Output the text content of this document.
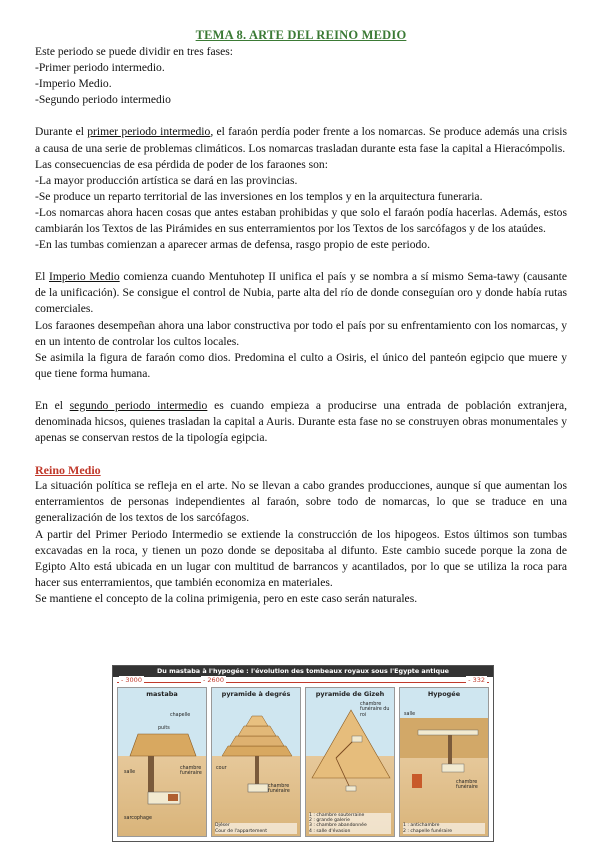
TEMA 8. ARTE DEL REINO MEDIO

Este periodo se puede dividir en tres fases:

-Primer periodo intermedio.

-Imperio Medio.

-Segundo periodo intermedio

Durante el primer periodo intermedio, el faraón perdía poder frente a los nomarcas. Se produce además una crisis a causa de una serie de problemas climáticos. Los nomarcas trasladan durante esta fase la capital a Hieracómpolis.

Las consecuencias de esa pérdida de poder de los faraones son:

-La mayor producción artística se dará en las provincias.

-Se produce un reparto territorial de las inversiones en los templos y en la arquitectura funeraria.

-Los nomarcas ahora hacen cosas que antes estaban prohibidas y que solo el faraón podía hacerlas. Además, estos cambiarán los Textos de las Pirámides en sus enterramientos por los Textos de los sarcófagos y de los ataúdes.

-En las tumbas comienzan a aparecer armas de defensa, rasgo propio de este periodo.

El Imperio Medio comienza cuando Mentuhotep II unifica el país y se nombra a sí mismo Sema-tawy (causante de la unificación). Se consigue el control de Nubia, parte alta del río de donde conseguían oro y donde había rutas comerciales.

Los faraones desempeñan ahora una labor constructiva por todo el país por su enfrentamiento con los nomarcas, y en un intento de controlar los cultos locales.

Se asimila la figura de faraón como dios. Predomina el culto a Osiris, el único del panteón egipcio que muere y que tiene forma humana.

En el segundo periodo intermedio es cuando empieza a producirse una entrada de población extranjera, denominada hicsos, quienes trasladan la capital a Auris. Durante esta fase no se construyen obras monumentales y apenas se conservan restos de la tipología egipcia.

Reino Medio

La situación política se refleja en el arte. No se llevan a cabo grandes producciones, aunque sí que aumentan los enterramientos de personas independientes al faraón, sobre todo de nomarcas, lo que se traduce en una generalización de los textos de los sarcófagos.

A partir del Primer Periodo Intermedio se extiende la construcción de los hipogeos. Estos últimos son tumbas excavadas en la roca, y tienen un pozo donde se depositaba al difunto. Este cambio sucede porque la zona de Egipto Alto está ubicada en un lugar con multitud de barrancos y acantilados, por lo que se utiliza la roca para hacer sus enterramientos, que también economiza en materiales.

Se mantiene el concepto de la colina primigenia, pero en este caso serán naturales.

Du mastaba à l'hypogée : l'évolution des tombeaux royaux sous l'Egypte antique
- 3000	- 2600	- 332
mastaba
chapelle
puits
chambre funéraire
sarcophage
salle
pyramide à degrés
cour
chambre funéraire
Djéser
Cour de l'appartement
pyramide de Gizeh
chambre funéraire du roi
1 : chambre souterraine
2 : grande galerie
3 : chambre abandonnée
4 : salle d'évasion
Hypogée
salle
chambre funéraire
1 : antichambre
2 : chapelle funéraire
